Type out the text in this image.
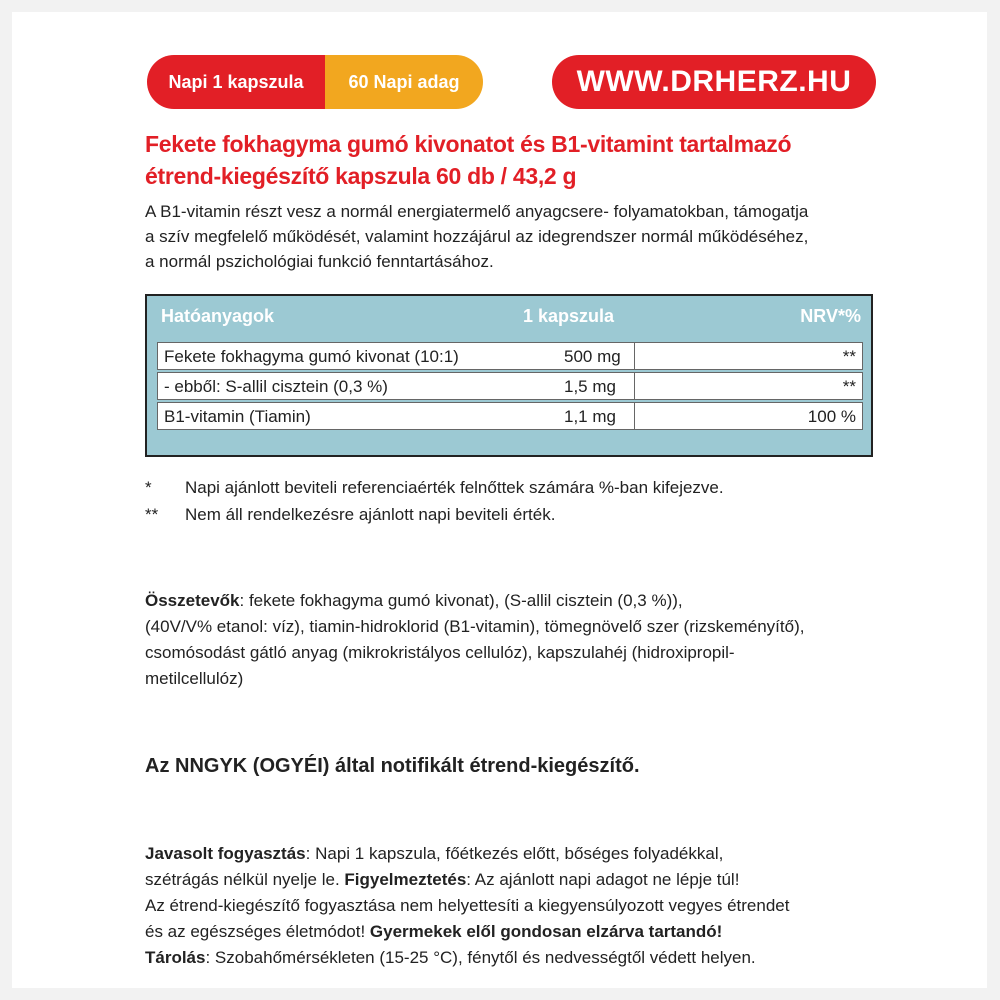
Napi 1 kapszula	60 Napi adag	WWW.DRHERZ.HU
Fekete fokhagyma gumó kivonatot és B1-vitamint tartalmazó
étrend-kiegészítő kapszula 60 db / 43,2 g
A B1-vitamin részt vesz a normál energiatermelő anyagcsere- folyamatokban, támogatja
a szív megfelelő működését, valamint hozzájárul az idegrendszer normál működéséhez,
a normál pszichológiai funkció fenntartásához.
Hatóanyagok	1 kapszula	NRV*%
Fekete fokhagyma gumó kivonat (10:1)	500 mg	**
- ebből: S-allil cisztein (0,3 %)	1,5 mg	**
B1-vitamin (Tiamin)	1,1 mg	100 %
* Napi ajánlott beviteli referenciaérték felnőttek számára %-ban kifejezve.
** Nem áll rendelkezésre ajánlott napi beviteli érték.
Összetevők: fekete fokhagyma gumó kivonat), (S-allil cisztein (0,3 %)),
(40V/V% etanol: víz), tiamin-hidroklorid (B1-vitamin), tömegnövelő szer (rizskeményítő),
csomósodást gátló anyag (mikrokristályos cellulóz), kapszulahéj (hidroxipropil-
metilcellulóz)
Az NNGYK (OGYÉI) által notifikált étrend-kiegészítő.
Javasolt fogyasztás: Napi 1 kapszula, főétkezés előtt, bőséges folyadékkal,
szétrágás nélkül nyelje le. Figyelmeztetés: Az ajánlott napi adagot ne lépje túl!
Az étrend-kiegészítő fogyasztása nem helyettesíti a kiegyensúlyozott vegyes étrendet
és az egészséges életmódot! Gyermekek elől gondosan elzárva tartandó!
Tárolás: Szobahőmérsékleten (15-25 °C), fénytől és nedvességtől védett helyen.
